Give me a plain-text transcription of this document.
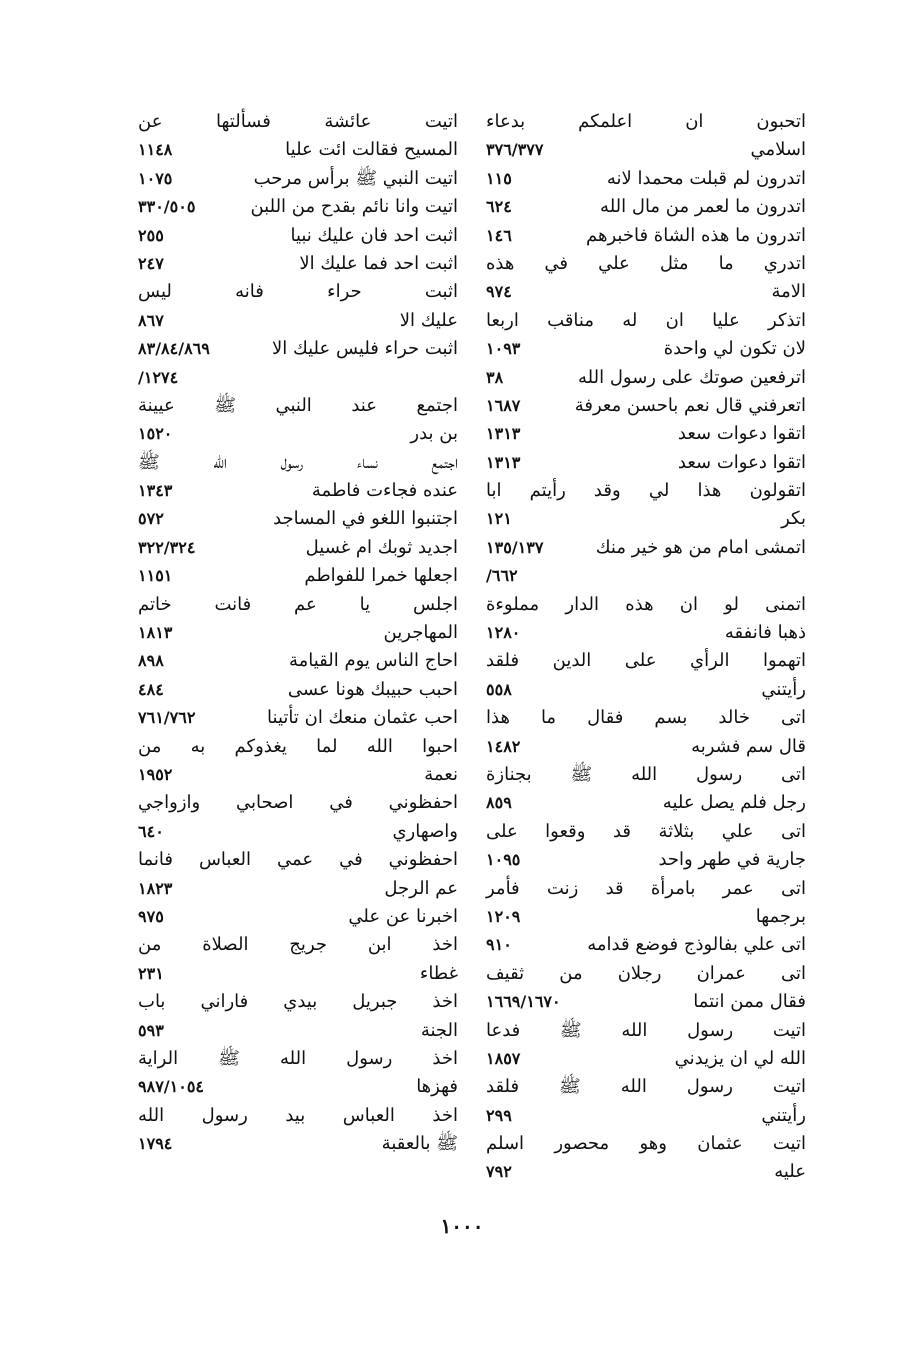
اتحبون ان اعلمكم بدعاء
اسلامي
٣٧٦/٣٧٧
اتدرون لم قبلت محمدا لانه
١١٥
اتدرون ما لعمر من مال الله
٦٢٤
اتدرون ما هذه الشاة فاخبرهم
١٤٦
اتدري ما مثل علي في هذه
الامة
٩٧٤
اتذكر عليا ان له مناقب اربعا
لان تكون لي واحدة
١٠٩٣
اترفعين صوتك على رسول الله
٣٨
اتعرفني قال نعم باحسن معرفة
١٦٨٧
اتقوا دعوات سعد
١٣١٣
اتقوا دعوات سعد
١٣١٣
اتقولون هذا لي وقد رأيتم ابا
بكر
١٢١
اتمشى امام من هو خير منك
١٣٥/١٣٧
/٦٦٢
اتمنى لو ان هذه الدار مملوءة
ذهبا فانفقه
١٢٨٠
اتهموا الرأي على الدين فلقد
رأيتني
٥٥٨
اتى خالد بسم فقال ما هذا
قال سم فشربه
١٤٨٢
اتى رسول الله ﷺ بجنازة
رجل فلم يصل عليه
٨٥٩
اتى علي بثلاثة قد وقعوا على
جارية في طهر واحد
١٠٩٥
اتى عمر بامرأة قد زنت فأمر
برجمها
١٢٠٩
اتى علي بفالوذج فوضع قدامه
٩١٠
اتى عمران رجلان من ثقيف
فقال ممن انتما
١٦٦٩/١٦٧٠
اتيت رسول الله ﷺ فدعا
الله لي ان يزيدني
١٨٥٧
اتيت رسول الله ﷺ فلقد
رأيتني
٢٩٩
اتيت عثمان وهو محصور اسلم
عليه
٧٩٢
اتيت عائشة فسألتها عن
المسيح فقالت ائت عليا
١١٤٨
اتيت النبي ﷺ برأس مرحب
١٠٧٥
اتيت وانا نائم بقدح من اللبن
٣٣٠/٥٠٥
اثبت احد فان عليك نبيا
٢٥٥
اثبت احد فما عليك الا
٢٤٧
اثبت حراء فانه ليس
عليك الا
٨٦٧
اثبت حراء فليس عليك الا
٨٣/٨٤/٨٦٩
/١٢٧٤
اجتمع عند النبي ﷺ عيينة
بن بدر
١٥٢٠
اجتمع نساء رسول الله ﷺ
عنده فجاءت فاطمة
١٣٤٣
اجتنبوا اللغو في المساجد
٥٧٢
اجديد ثوبك ام غسيل
٣٢٢/٣٢٤
اجعلها خمرا للفواطم
١١٥١
اجلس يا عم فانت خاتم
المهاجرين
١٨١٣
احاج الناس يوم القيامة
٨٩٨
احبب حبيبك هونا عسى
٤٨٤
احب عثمان منعك ان تأتينا
٧٦١/٧٦٢
احبوا الله لما يغذوكم به من
نعمة
١٩٥٢
احفظوني في اصحابي وازواجي
واصهاري
٦٤٠
احفظوني في عمي العباس فانما
عم الرجل
١٨٢٣
اخبرنا عن علي
٩٧٥
اخذ ابن جريج الصلاة من
غطاء
٢٣١
اخذ جبريل بيدي فاراني باب
الجنة
٥٩٣
اخذ رسول الله ﷺ الراية
فهزها
٩٨٧/١٠٥٤
اخذ العباس بيد رسول الله
ﷺ بالعقبة
١٧٩٤
١٠٠٠
